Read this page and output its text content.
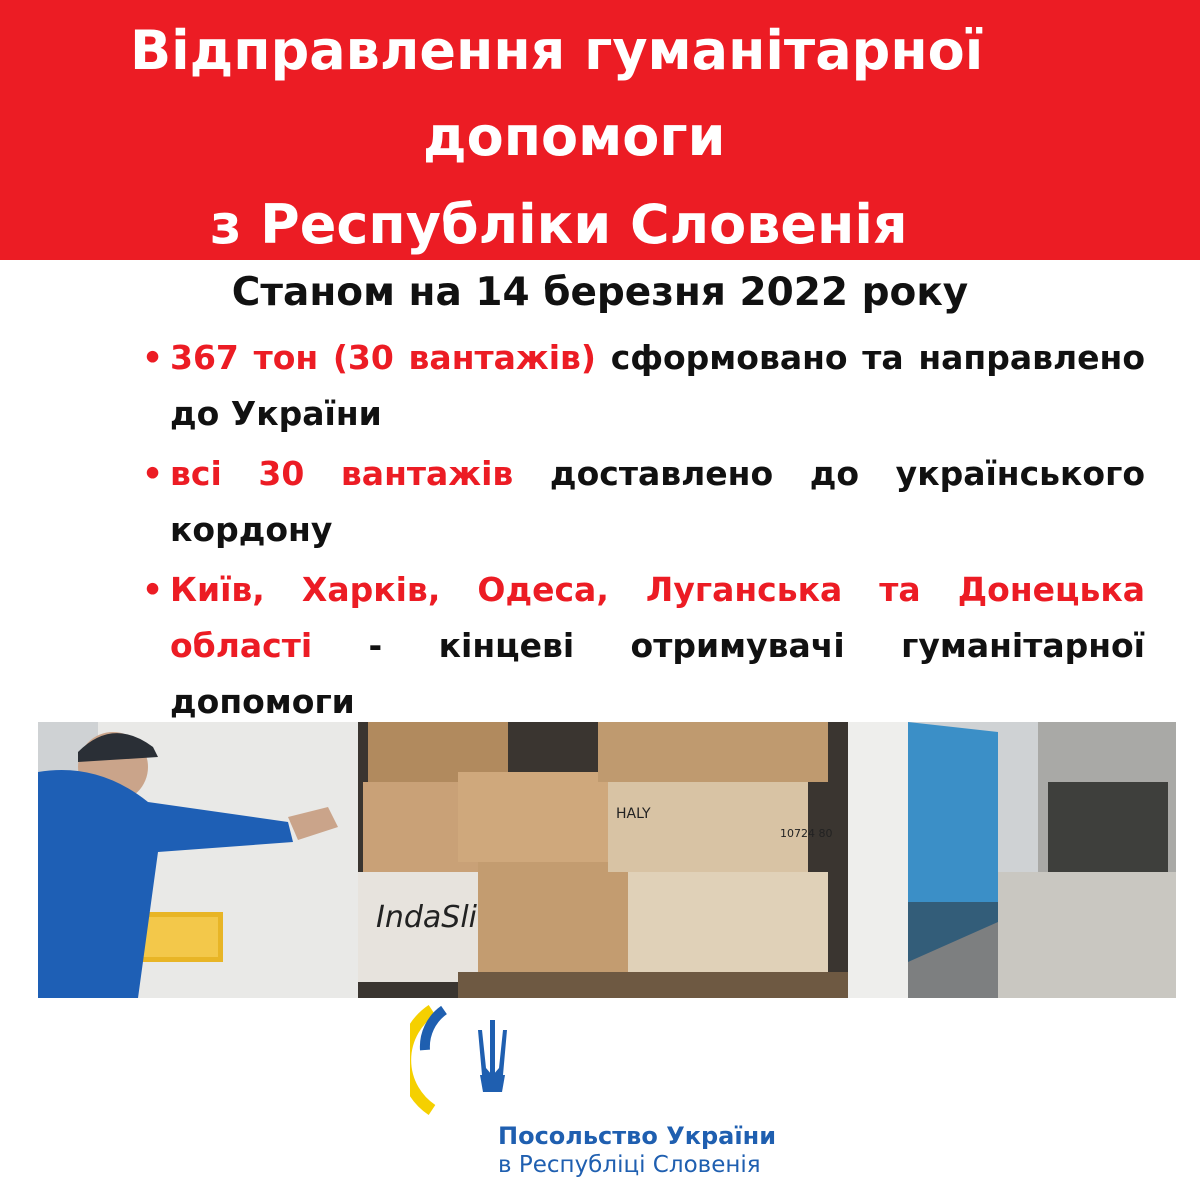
Відправлення гуманітарної
допомоги
з Республіки Словенія
Станом на 14 березня 2022 року
• 367 тон (30 вантажів) сформовано та направлено до України
• всі 30 вантажів доставлено до українського кордону
• Київ, Харків, Одеса, Луганська та Донецька області - кінцеві отримувачі гуманітарної допомоги
IndaSli
HALY
10724 80
Посольство України
в Республіці Словенія
